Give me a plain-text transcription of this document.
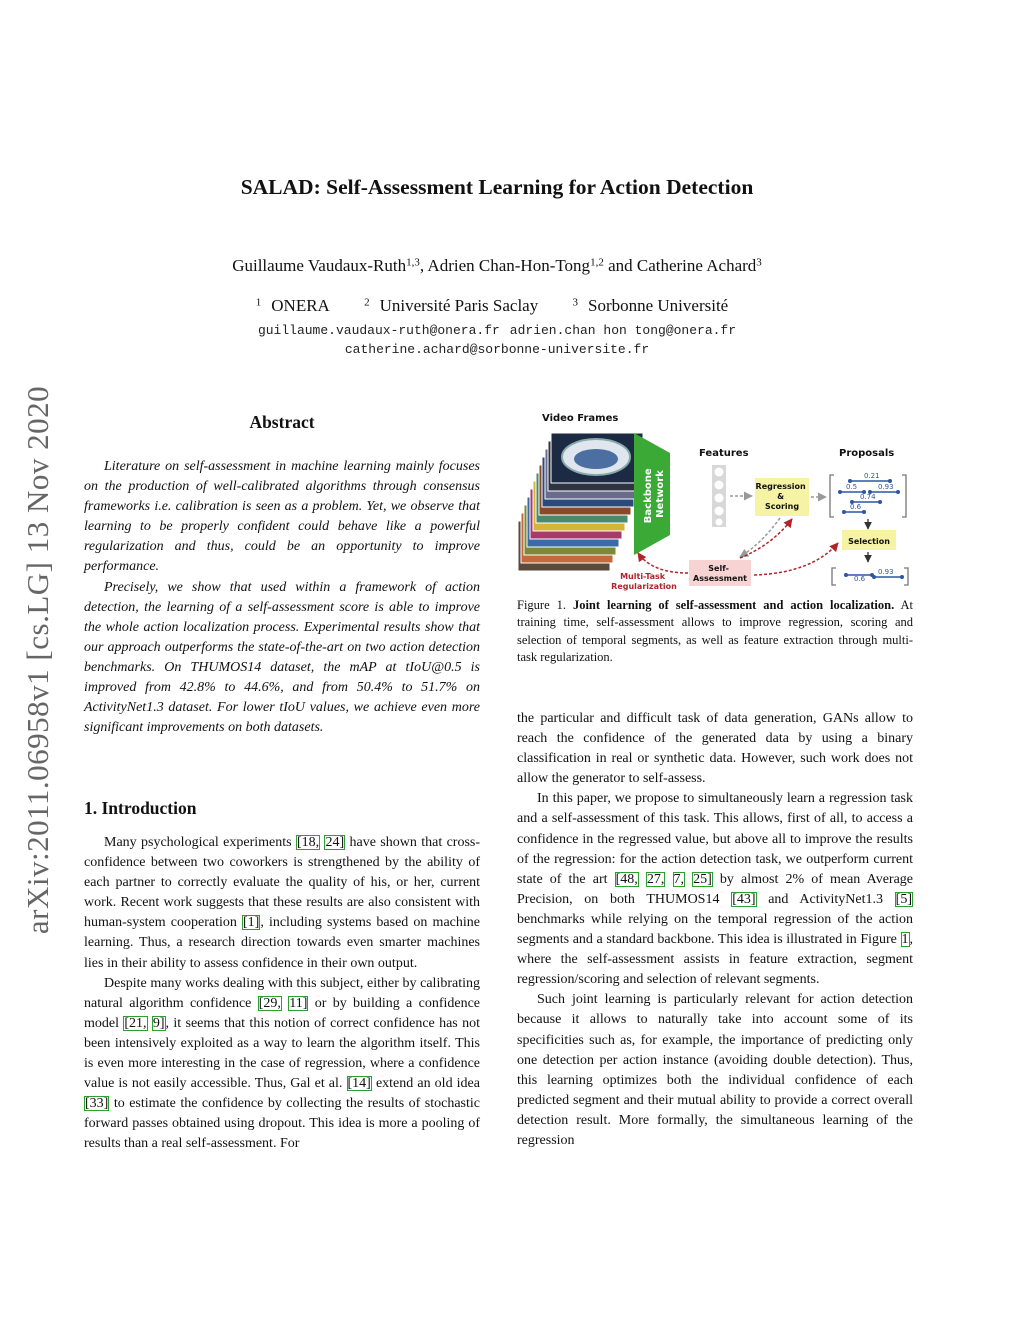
arXiv:2011.06958v1 [cs.LG] 13 Nov 2020
SALAD: Self-Assessment Learning for Action Detection
Guillaume Vaudaux-Ruth$^{1,3}$, Adrien Chan-Hon-Tong$^{1,2}$ and Catherine Achard$^3$
$^1$ ONERA	$^2$ Université Paris Saclay	$^3$ Sorbonne Université
guillaume.vaudaux-ruth@onera.fr adrien.chan hon tong@onera.fr
catherine.achard@sorbonne-universite.fr
Abstract

Literature on self-assessment in machine learning mainly focuses on the production of well-calibrated algorithms through consensus frameworks i.e. calibration is seen as a problem. Yet, we observe that learning to be properly confident could behave like a powerful regularization and thus, could be an opportunity to improve performance.

Precisely, we show that used within a framework of action detection, the learning of a self-assessment score is able to improve the whole action localization process. Experimental results show that our approach outperforms the state-of-the-art on two action detection benchmarks. On THUMOS14 dataset, the mAP at tIoU@0.5 is improved from 42.8% to 44.6%, and from 50.4% to 51.7% on ActivityNet1.3 dataset. For lower tIoU values, we achieve even more significant improvements on both datasets.

1. Introduction

Many psychological experiments [18, 24] have shown that cross-confidence between two coworkers is strengthened by the ability of each partner to correctly evaluate the quality of his, or her, current work. Recent work suggests that these results are also consistent with human-system cooperation [1], including systems based on machine learning. Thus, a research direction towards even smarter machines lies in their ability to assess confidence in their own output.

Despite many works dealing with this subject, either by calibrating natural algorithm confidence [29, 11] or by building a confidence model [21, 9], it seems that this notion of correct confidence has not been intensively exploited as a way to learn the algorithm itself. This is even more interesting in the case of regression, where a confidence value is not easily accessible. Thus, Gal et al. [14] extend an old idea [33] to estimate the confidence by collecting the results of stochastic forward passes obtained using dropout. This idea is more a pooling of results than a real self-assessment. For

Video Frames
Backbone Network
Features
Regression & Scoring
Proposals
0.21
0.5	0.93
0.74
0.6
Selection
0.6
0.93
Self- Assessment
Multi-Task Regularization
Figure 1. Joint learning of self-assessment and action localization. At training time, self-assessment allows to improve regression, scoring and selection of temporal segments, as well as feature extraction through multi-task regularization.

the particular and difficult task of data generation, GANs allow to reach the confidence of the generated data by using a binary classification in real or synthetic data. However, such work does not allow the generator to self-assess.

In this paper, we propose to simultaneously learn a regression task and a self-assessment of this task. This allows, first of all, to access a confidence in the regressed value, but above all to improve the results of the regression: for the action detection task, we outperform current state of the art [48, 27, 7, 25] by almost 2% of mean Average Precision, on both THUMOS14 [43] and ActivityNet1.3 [5] benchmarks while relying on the temporal regression of the action segments and a standard backbone. This idea is illustrated in Figure 1, where the self-assessment assists in feature extraction, segment regression/scoring and selection of relevant segments.

Such joint learning is particularly relevant for action detection because it allows to naturally take into account some of its specificities such as, for example, the importance of predicting only one detection per action instance (avoiding double detection). Thus, this learning optimizes both the individual confidence of each predicted segment and their mutual ability to provide a correct overall detection result. More formally, the simultaneous learning of the regression
